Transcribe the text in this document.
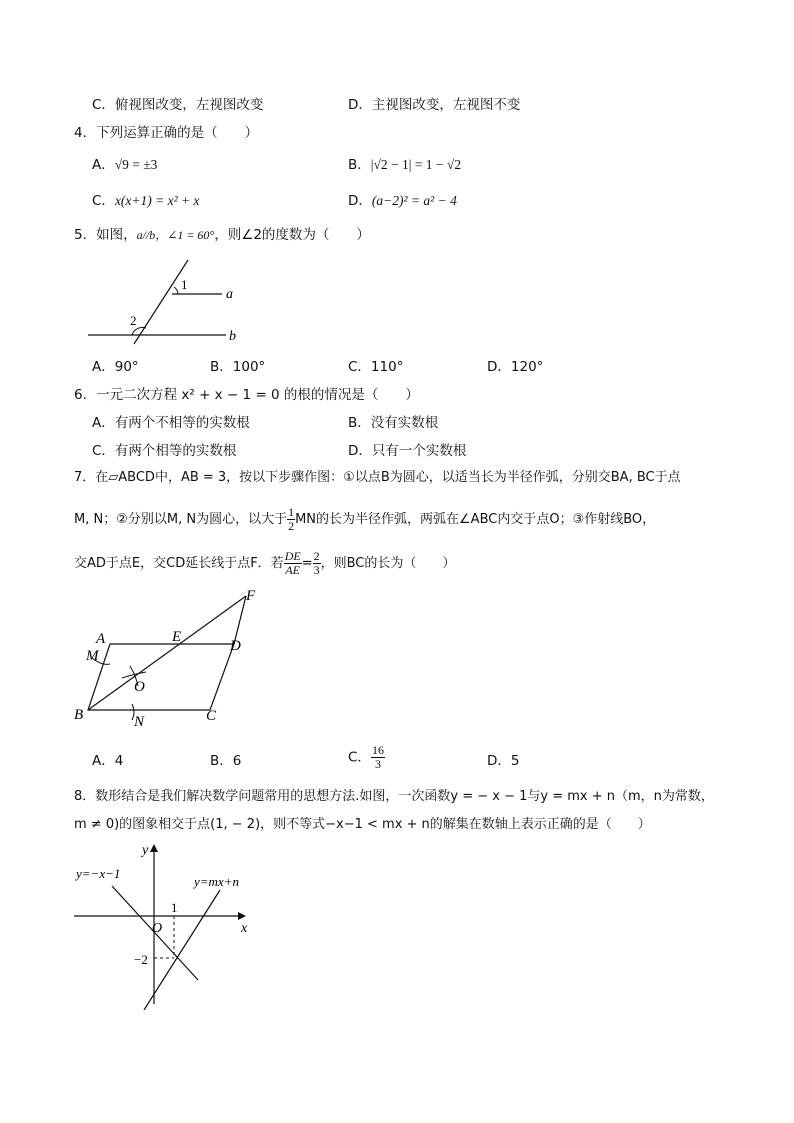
C．俯视图改变，左视图改变	D．主视图改变，左视图不变
4．下列运算正确的是（　　）
A．√9 = ±3	B．|√2 − 1| = 1 − √2
C．x(x+1) = x² + x	D．(a−2)² = a² − 4
5．如图，a//b，∠1 = 60°，则∠2的度数为（　　）
1
2
a
b
A．90°	B．100°	C．110°	D．120°
6．一元二次方程 x² + x − 1 = 0 的根的情况是（　　）
A．有两个不相等的实数根	B．没有实数根
C．有两个相等的实数根	D．只有一个实数根
7．在▱ABCD中，AB = 3，按以下步骤作图：①以点B为圆心，以适当长为半径作弧，分别交BA, BC于点
M, N；②分别以M, N为圆心，以大于 $\frac{1}{2}$ MN的长为半径作弧，两弧在∠ABC内交于点O；③作射线BO，
交AD于点E，交CD延长线于点F．若 $\frac{DE}{AE} = \frac{2}{3}$ ，则BC的长为（　　）
A	E
D
F
M
O
B	N	C
A．4	B．6	C． $\frac{16}{3}$	D．5
8．数形结合是我们解决数学问题常用的思想方法.如图，一次函数y = − x − 1与y = mx + n（m，n为常数，
m ≠ 0)的图象相交于点(1, − 2)，则不等式−x−1 < mx + n的解集在数轴上表示正确的是（　　）
y
x
O
y=−x−1
y=mx+n
1
−2
